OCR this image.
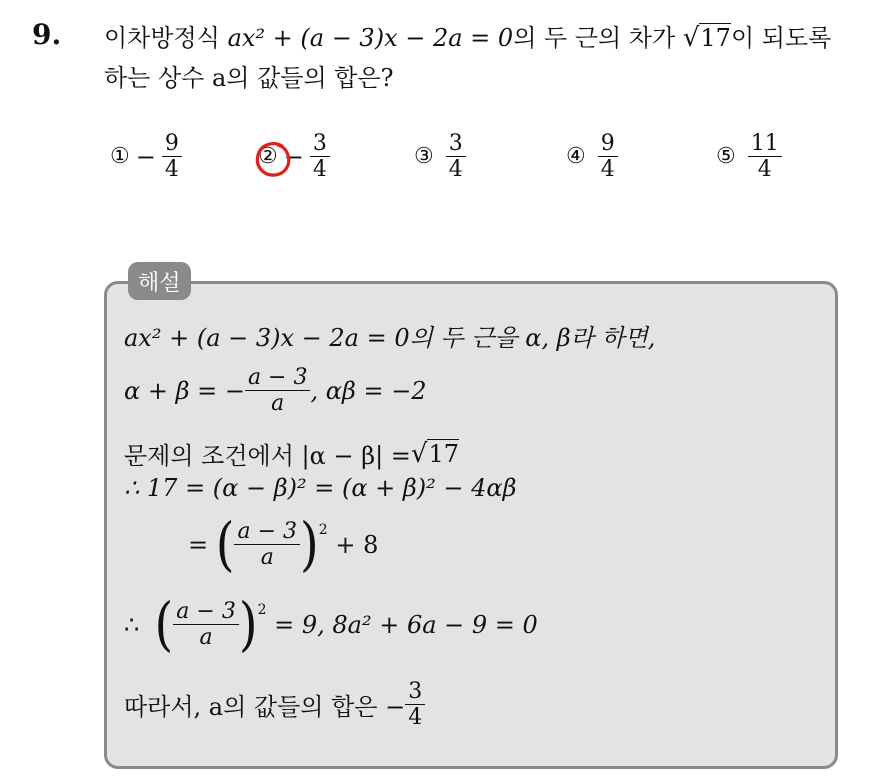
9. 이차방정식 ax² + (a − 3)x − 2a = 0의 두 근의 차가 √17이 되도록
하는 상수 a의 값들의 합은?
① − $\frac{9}{4}$	② − $\frac{3}{4}$	③ $\frac{3}{4}$	④ $\frac{9}{4}$	⑤ $\frac{11}{4}$
해설
ax² + (a − 3)x − 2a = 0의 두 근을 α, β라 하면,
α + β = − $\frac{a - 3}{a}$ , αβ = −2
문제의 조건에서 |α − β| = √ 17
∴ 17 = (α − β)² = (α + β)² − 4αβ
=
( $\frac{a - 3}{a}$ ) 2

+ 8
∴
( $\frac{a - 3}{a}$ ) 2

= 9, 8a² + 6a − 9 = 0
따라서, a의 값들의 합은 − $\frac{3}{4}$
